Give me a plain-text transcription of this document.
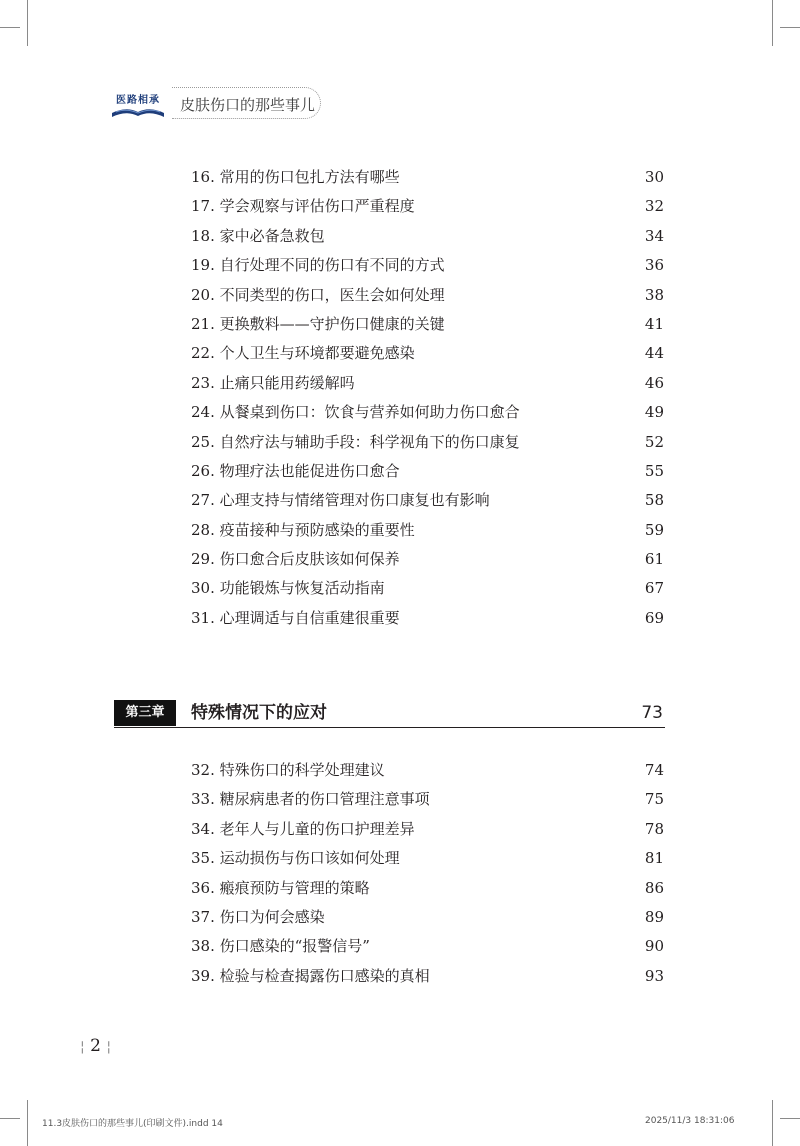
医路相承	皮肤伤口的那些事儿
16. 常用的伤口包扎方法有哪些	30
17. 学会观察与评估伤口严重程度	32
18. 家中必备急救包	34
19. 自行处理不同的伤口有不同的方式	36
20. 不同类型的伤口，医生会如何处理	38
21. 更换敷料——守护伤口健康的关键	41
22. 个人卫生与环境都要避免感染	44
23. 止痛只能用药缓解吗	46
24. 从餐桌到伤口：饮食与营养如何助力伤口愈合	49
25. 自然疗法与辅助手段：科学视角下的伤口康复	52
26. 物理疗法也能促进伤口愈合	55
27. 心理支持与情绪管理对伤口康复也有影响	58
28. 疫苗接种与预防感染的重要性	59
29. 伤口愈合后皮肤该如何保养	61
30. 功能锻炼与恢复活动指南	67
31. 心理调适与自信重建很重要	69
第三章	特殊情况下的应对	73
32. 特殊伤口的科学处理建议	74
33. 糖尿病患者的伤口管理注意事项	75
34. 老年人与儿童的伤口护理差异	78
35. 运动损伤与伤口该如何处理	81
36. 瘢痕预防与管理的策略	86
37. 伤口为何会感染	89
38. 伤口感染的“报警信号”	90
39. 检验与检查揭露伤口感染的真相	93
¦ 2 ¦
11.3皮肤伤口的那些事儿(印刷文件).indd 14	2025/11/3 18:31:06
